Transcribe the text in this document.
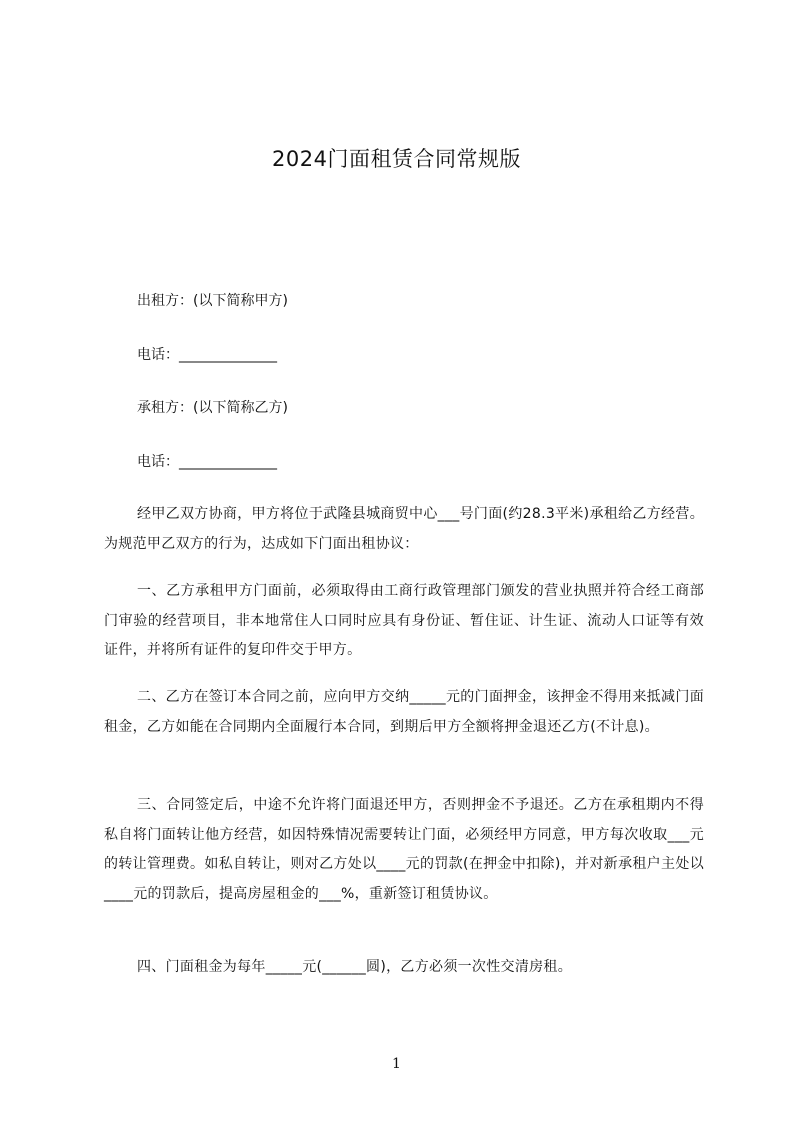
2024门面租赁合同常规版
出租方：(以下简称甲方)
电话：______________
承租方：(以下简称乙方)
电话：______________
经甲乙双方协商，甲方将位于武隆县城商贸中心___号门面(约28.3平米)承租给乙方经营。为规范甲乙双方的行为，达成如下门面出租协议：
一、乙方承租甲方门面前，必须取得由工商行政管理部门颁发的营业执照并符合经工商部门审验的经营项目，非本地常住人口同时应具有身份证、暂住证、计生证、流动人口证等有效证件，并将所有证件的复印件交于甲方。
二、乙方在签订本合同之前，应向甲方交纳_____元的门面押金，该押金不得用来抵减门面租金，乙方如能在合同期内全面履行本合同，到期后甲方全额将押金退还乙方(不计息)。
三、合同签定后，中途不允许将门面退还甲方，否则押金不予退还。乙方在承租期内不得私自将门面转让他方经营，如因特殊情况需要转让门面，必须经甲方同意，甲方每次收取___元的转让管理费。如私自转让，则对乙方处以____元的罚款(在押金中扣除)，并对新承租户主处以____元的罚款后，提高房屋租金的___%，重新签订租赁协议。
四、门面租金为每年_____元(______圆)，乙方必须一次性交清房租。
1
